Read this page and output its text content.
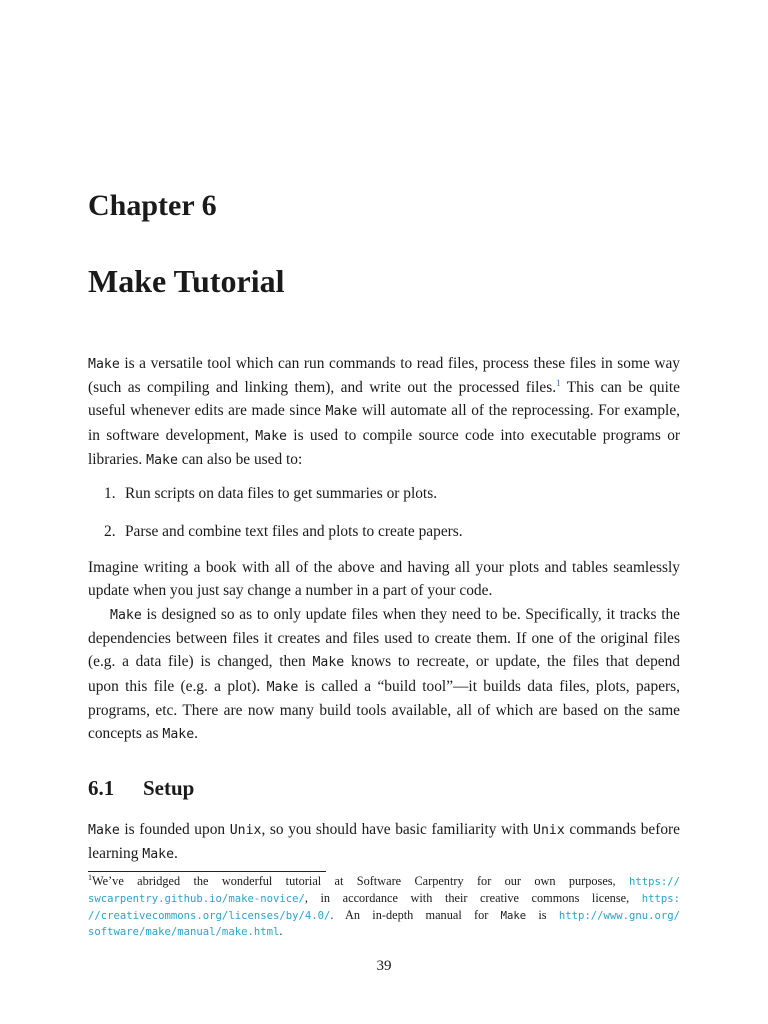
Chapter 6
Make Tutorial

Make is a versatile tool which can run commands to read files, process these files in some way
(such as compiling and linking them), and write out the processed files.$^1$ This can be quite
useful whenever edits are made since Make will automate all of the reprocessing. For example,
in software development, Make is used to compile source code into executable programs or
libraries. Make can also be used to:

1. Run scripts on data files to get summaries or plots.
2. Parse and combine text files and plots to create papers.

Imagine writing a book with all of the above and having all your plots and tables seamlessly
update when you just say change a number in a part of your code.

Make is designed so as to only update files when they need to be. Specifically, it tracks the
dependencies between files it creates and files used to create them. If one of the original files
(e.g. a data file) is changed, then Make knows to recreate, or update, the files that depend
upon this file (e.g. a plot). Make is called a “build tool”—it builds data files, plots, papers,
programs, etc. There are now many build tools available, all of which are based on the same
concepts as Make.

6.1 Setup

Make is founded upon Unix, so you should have basic familiarity with Unix commands before
learning Make.

$^1$We’ve abridged the wonderful tutorial at Software Carpentry for our own purposes, https://
swcarpentry.github.io/make-novice/, in accordance with their creative commons license, https:
//creativecommons.org/licenses/by/4.0/. An in-depth manual for Make is http://www.gnu.org/
software/make/manual/make.html.

39
